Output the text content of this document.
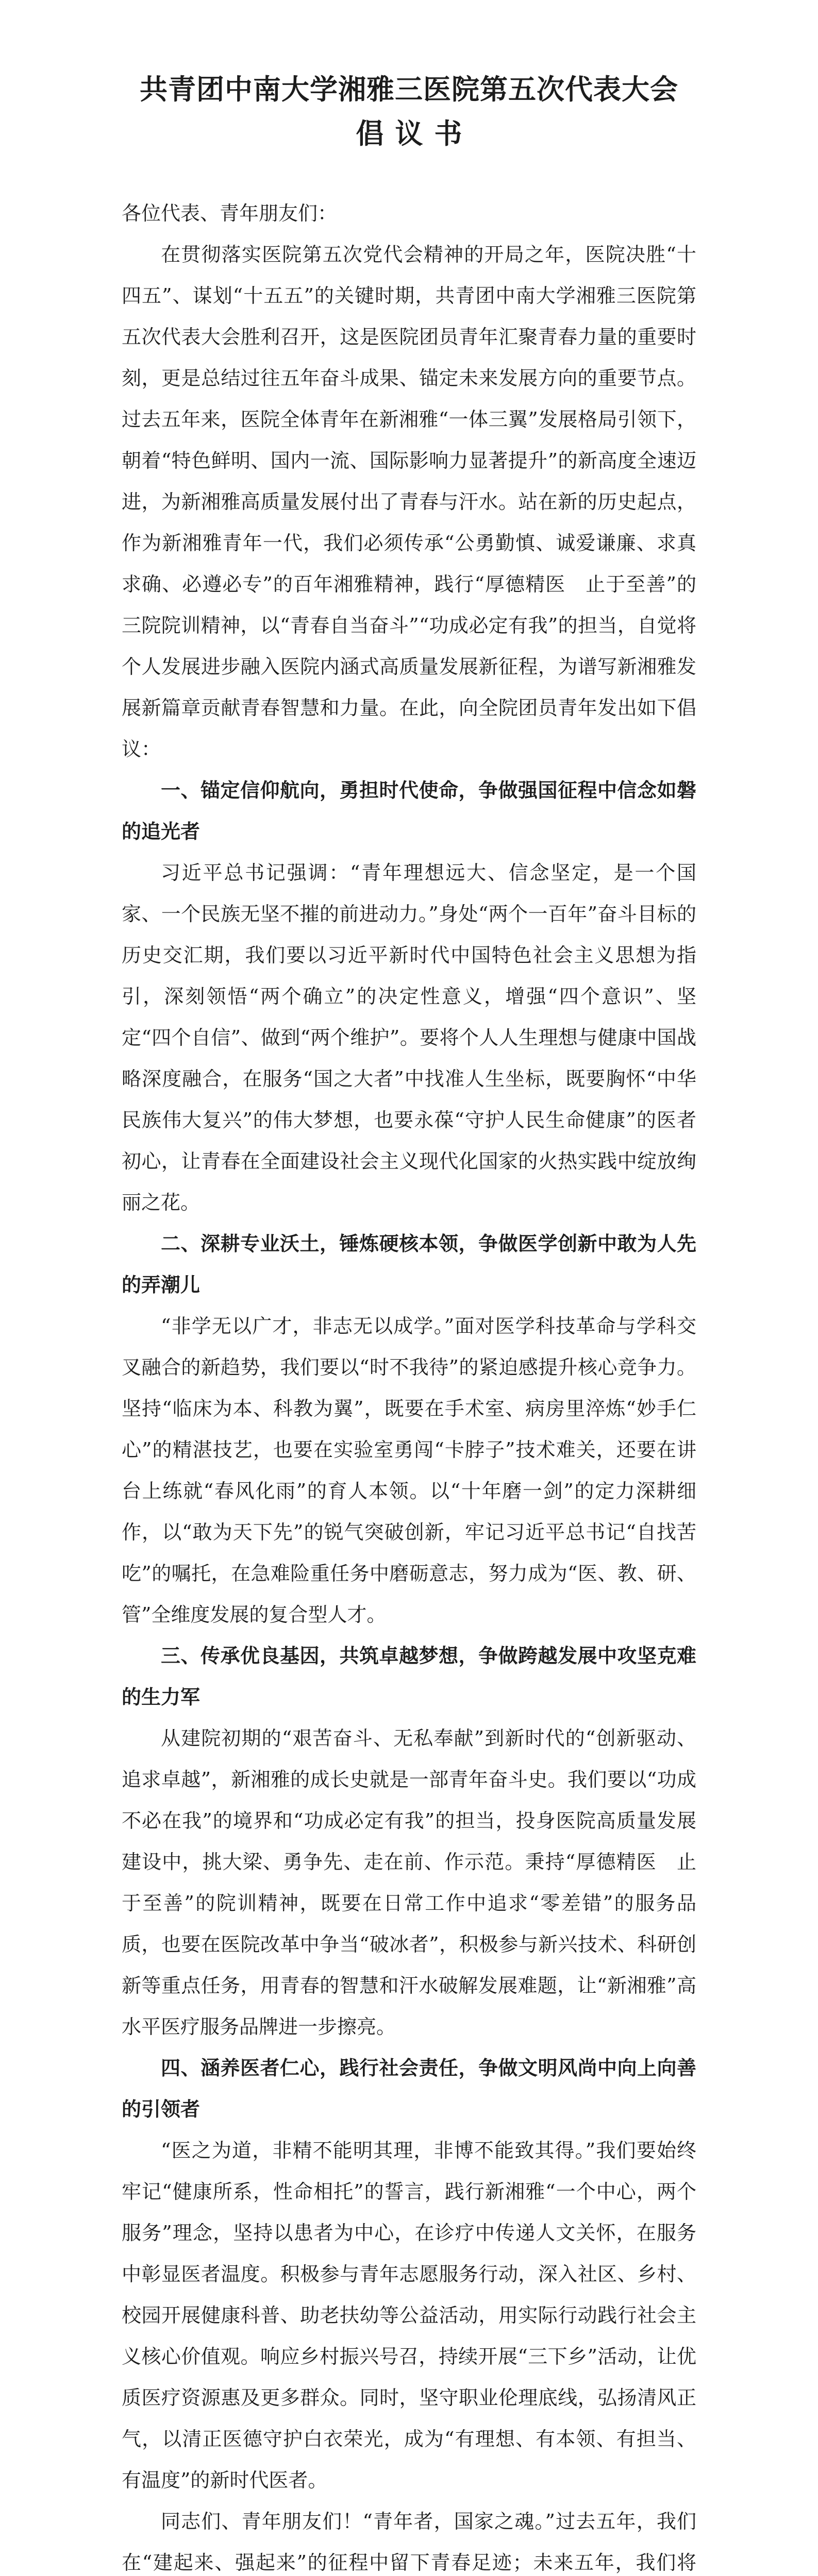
共青团中南大学湘雅三医院第五次代表大会
倡议书

各位代表、青年朋友们：

在贯彻落实医院第五次党代会精神的开局之年，医院决胜“十四五”、谋划“十五五”的关键时期，共青团中南大学湘雅三医院第五次代表大会胜利召开，这是医院团员青年汇聚青春力量的重要时刻，更是总结过往五年奋斗成果、锚定未来发展方向的重要节点。过去五年来，医院全体青年在新湘雅“一体三翼”发展格局引领下，朝着“特色鲜明、国内一流、国际影响力显著提升”的新高度全速迈进，为新湘雅高质量发展付出了青春与汗水。站在新的历史起点，作为新湘雅青年一代，我们必须传承“公勇勤慎、诚爱谦廉、求真求确、必遵必专”的百年湘雅精神，践行“厚德精医　止于至善”的三院院训精神，以“青春自当奋斗”“功成必定有我”的担当，自觉将个人发展进步融入医院内涵式高质量发展新征程，为谱写新湘雅发展新篇章贡献青春智慧和力量。在此，向全院团员青年发出如下倡议：

一、锚定信仰航向，勇担时代使命，争做强国征程中信念如磐的追光者

习近平总书记强调：“青年理想远大、信念坚定，是一个国家、一个民族无坚不摧的前进动力。”身处“两个一百年”奋斗目标的历史交汇期，我们要以习近平新时代中国特色社会主义思想为指引，深刻领悟“两个确立”的决定性意义，增强“四个意识”、坚定“四个自信”、做到“两个维护”。要将个人人生理想与健康中国战略深度融合，在服务“国之大者”中找准人生坐标，既要胸怀“中华民族伟大复兴”的伟大梦想，也要永葆“守护人民生命健康”的医者初心，让青春在全面建设社会主义现代化国家的火热实践中绽放绚丽之花。

二、深耕专业沃土，锤炼硬核本领，争做医学创新中敢为人先的弄潮儿

“非学无以广才，非志无以成学。”面对医学科技革命与学科交叉融合的新趋势，我们要以“时不我待”的紧迫感提升核心竞争力。坚持“临床为本、科教为翼”，既要在手术室、病房里淬炼“妙手仁心”的精湛技艺，也要在实验室勇闯“卡脖子”技术难关，还要在讲台上练就“春风化雨”的育人本领。以“十年磨一剑”的定力深耕细作，以“敢为天下先”的锐气突破创新，牢记习近平总书记“自找苦吃”的嘱托，在急难险重任务中磨砺意志，努力成为“医、教、研、管”全维度发展的复合型人才。

三、传承优良基因，共筑卓越梦想，争做跨越发展中攻坚克难的生力军

从建院初期的“艰苦奋斗、无私奉献”到新时代的“创新驱动、追求卓越”，新湘雅的成长史就是一部青年奋斗史。我们要以“功成不必在我”的境界和“功成必定有我”的担当，投身医院高质量发展建设中，挑大梁、勇争先、走在前、作示范。秉持“厚德精医　止于至善”的院训精神，既要在日常工作中追求“零差错”的服务品质，也要在医院改革中争当“破冰者”，积极参与新兴技术、科研创新等重点任务，用青春的智慧和汗水破解发展难题，让“新湘雅”高水平医疗服务品牌进一步擦亮。

四、涵养医者仁心，践行社会责任，争做文明风尚中向上向善的引领者

“医之为道，非精不能明其理，非博不能致其得。”我们要始终牢记“健康所系，性命相托”的誓言，践行新湘雅“一个中心，两个服务”理念，坚持以患者为中心，在诊疗中传递人文关怀，在服务中彰显医者温度。积极参与青年志愿服务行动，深入社区、乡村、校园开展健康科普、助老扶幼等公益活动，用实际行动践行社会主义核心价值观。响应乡村振兴号召，持续开展“三下乡”活动，让优质医疗资源惠及更多群众。同时，坚守职业伦理底线，弘扬清风正气，以清正医德守护白衣荣光，成为“有理想、有本领、有担当、有温度”的新时代医者。

同志们、青年朋友们！“青年者，国家之魂。”过去五年，我们在“建起来、强起来”的征程中留下青春足迹；未来五年，我们将
